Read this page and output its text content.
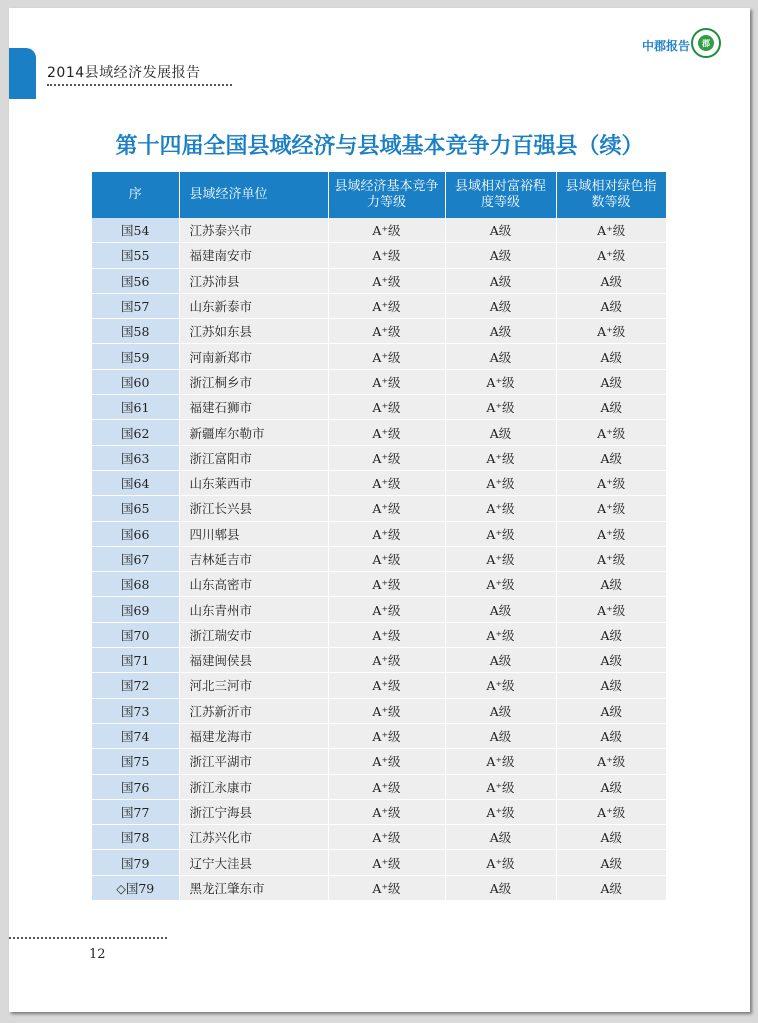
2014县域经济发展报告
中郡报告	郡
第十四届全国县域经济与县域基本竞争力百强县（续）
序	县域经济单位	县域经济基本竞争力等级	县域相对富裕程度等级	县域相对绿色指数等级
国54	江苏泰兴市	A⁺级	A级	A⁺级
国55	福建南安市	A⁺级	A级	A⁺级
国56	江苏沛县	A⁺级	A级	A级
国57	山东新泰市	A⁺级	A级	A级
国58	江苏如东县	A⁺级	A级	A⁺级
国59	河南新郑市	A⁺级	A级	A级
国60	浙江桐乡市	A⁺级	A⁺级	A级
国61	福建石狮市	A⁺级	A⁺级	A级
国62	新疆库尔勒市	A⁺级	A级	A⁺级
国63	浙江富阳市	A⁺级	A⁺级	A级
国64	山东莱西市	A⁺级	A⁺级	A⁺级
国65	浙江长兴县	A⁺级	A⁺级	A⁺级
国66	四川郫县	A⁺级	A⁺级	A⁺级
国67	吉林延吉市	A⁺级	A⁺级	A⁺级
国68	山东高密市	A⁺级	A⁺级	A级
国69	山东青州市	A⁺级	A级	A⁺级
国70	浙江瑞安市	A⁺级	A⁺级	A级
国71	福建闽侯县	A⁺级	A级	A级
国72	河北三河市	A⁺级	A⁺级	A级
国73	江苏新沂市	A⁺级	A级	A级
国74	福建龙海市	A⁺级	A级	A级
国75	浙江平湖市	A⁺级	A⁺级	A⁺级
国76	浙江永康市	A⁺级	A⁺级	A级
国77	浙江宁海县	A⁺级	A⁺级	A⁺级
国78	江苏兴化市	A⁺级	A级	A级
国79	辽宁大洼县	A⁺级	A⁺级	A级
◇国79	黑龙江肇东市	A⁺级	A级	A级
12
